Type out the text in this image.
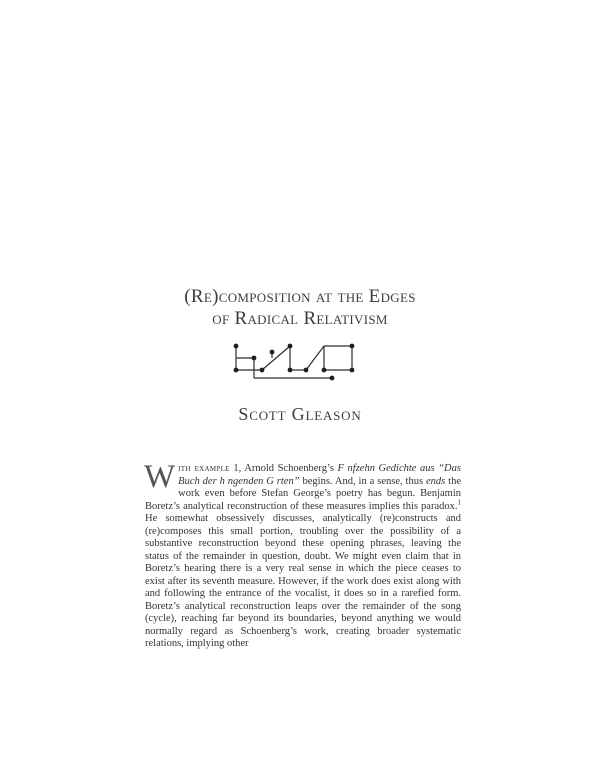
(Re)composition at the Edges
of Radical Relativism
Scott Gleason
With example 1, Arnold Schoenberg’s F nfzehn Gedichte aus “Das Buch der h ngenden G rten” begins. And, in a sense, thus ends the work even before Stefan George’s poetry has begun. Benjamin Boretz’s analytical reconstruction of these measures implies this paradox.$^1$ He somewhat obsessively discusses, analytically (re)constructs and (re)composes this small portion, troubling over the possibility of a substantive reconstruction beyond these opening phrases, leaving the status of the remainder in question, doubt. We might even claim that in Boretz’s hearing there is a very real sense in which the piece ceases to exist after its seventh measure. However, if the work does exist along with and following the entrance of the vocalist, it does so in a rarefied form. Boretz’s analytical reconstruction leaps over the remainder of the song (cycle), reaching far beyond its boundaries, beyond anything we would normally regard as Schoenberg’s work, creating broader systematic relations, implying other
